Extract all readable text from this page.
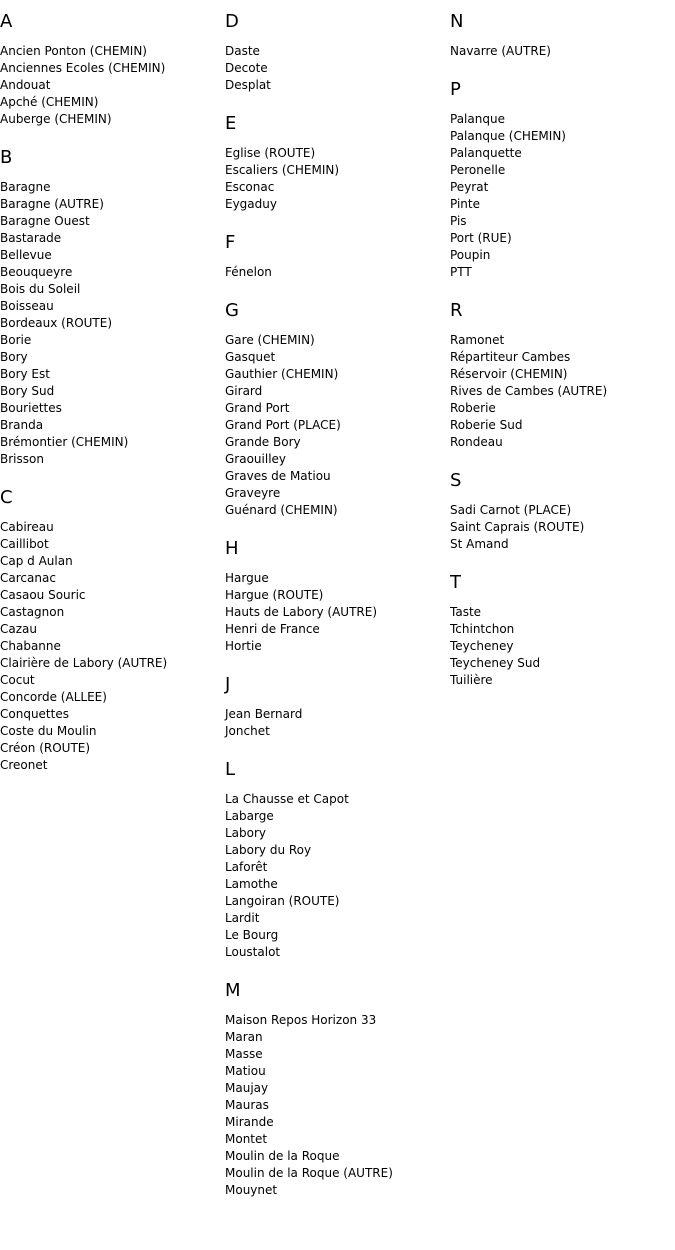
A
Ancien Ponton (CHEMIN)
Anciennes Ecoles (CHEMIN)
Andouat
Apché (CHEMIN)
Auberge (CHEMIN)
B
Baragne
Baragne (AUTRE)
Baragne Ouest
Bastarade
Bellevue
Beouqueyre
Bois du Soleil
Boisseau
Bordeaux (ROUTE)
Borie
Bory
Bory Est
Bory Sud
Bouriettes
Branda
Brémontier (CHEMIN)
Brisson
C
Cabireau
Caillibot
Cap d Aulan
Carcanac
Casaou Souric
Castagnon
Cazau
Chabanne
Clairière de Labory (AUTRE)
Cocut
Concorde (ALLEE)
Conquettes
Coste du Moulin
Créon (ROUTE)
Creonet
D
Daste
Decote
Desplat
E
Eglise (ROUTE)
Escaliers (CHEMIN)
Esconac
Eygaduy
F
Fénelon
G
Gare (CHEMIN)
Gasquet
Gauthier (CHEMIN)
Girard
Grand Port
Grand Port (PLACE)
Grande Bory
Graouilley
Graves de Matiou
Graveyre
Guénard (CHEMIN)
H
Hargue
Hargue (ROUTE)
Hauts de Labory (AUTRE)
Henri de France
Hortie
J
Jean Bernard
Jonchet
L
La Chausse et Capot
Labarge
Labory
Labory du Roy
Laforêt
Lamothe
Langoiran (ROUTE)
Lardit
Le Bourg
Loustalot
M
Maison Repos Horizon 33
Maran
Masse
Matiou
Maujay
Mauras
Mirande
Montet
Moulin de la Roque
Moulin de la Roque (AUTRE)
Mouynet
N
Navarre (AUTRE)
P
Palanque
Palanque (CHEMIN)
Palanquette
Peronelle
Peyrat
Pinte
Pis
Port (RUE)
Poupin
PTT
R
Ramonet
Répartiteur Cambes
Réservoir (CHEMIN)
Rives de Cambes (AUTRE)
Roberie
Roberie Sud
Rondeau
S
Sadi Carnot (PLACE)
Saint Caprais (ROUTE)
St Amand
T
Taste
Tchintchon
Teycheney
Teycheney Sud
Tuilière
